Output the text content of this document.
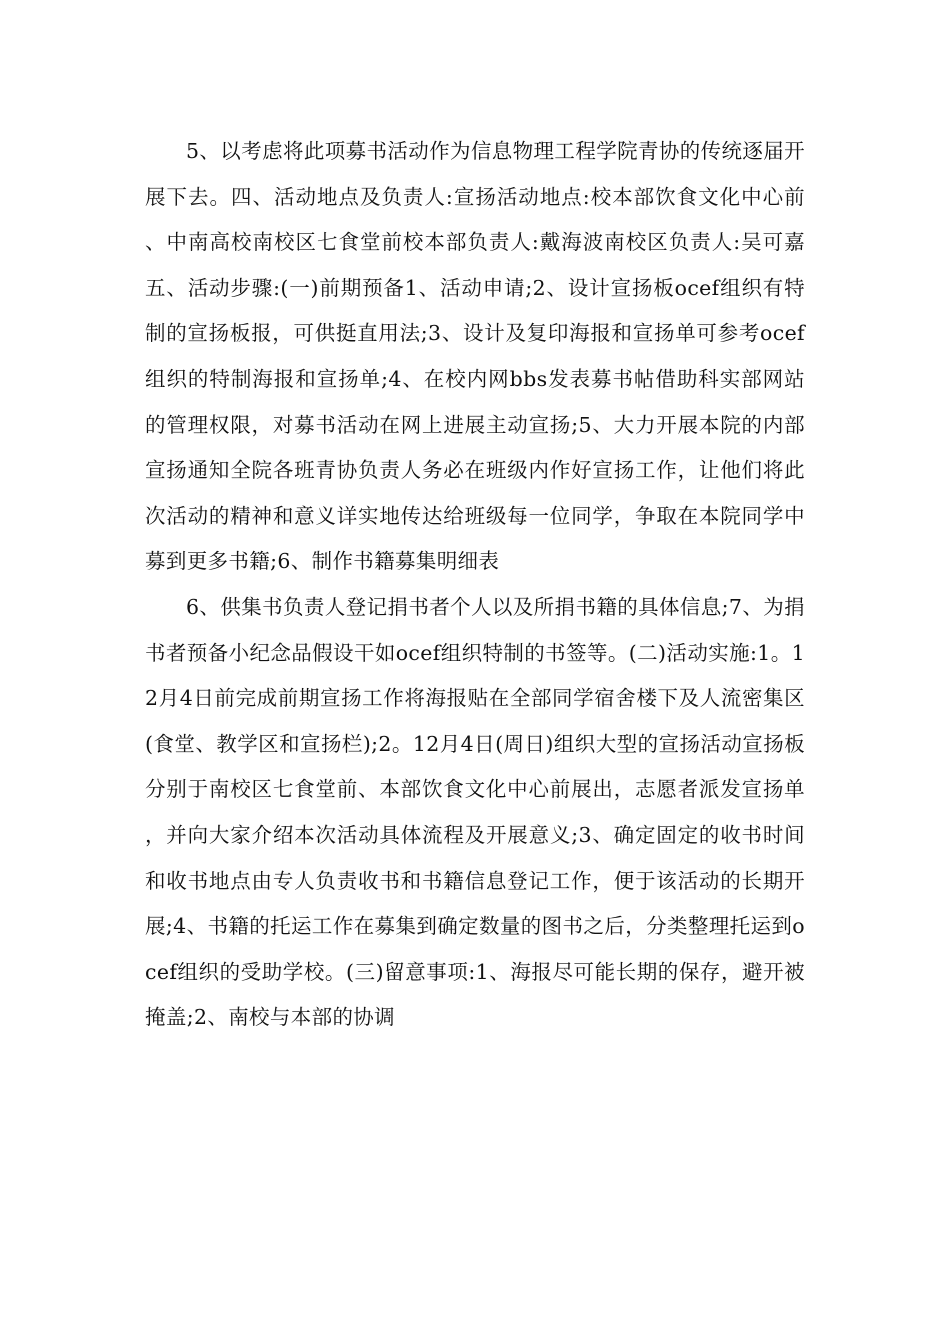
5、以考虑将此项募书活动作为信息物理工程学院青协的传统逐届开展下去。四、活动地点及负责人:宣扬活动地点:校本部饮食文化中心前、中南高校南校区七食堂前校本部负责人:戴海波南校区负责人:吴可嘉五、活动步骤:(一)前期预备1、活动申请;2、设计宣扬板ocef组织有特制的宣扬板报，可供挺直用法;3、设计及复印海报和宣扬单可参考ocef组织的特制海报和宣扬单;4、在校内网bbs发表募书帖借助科实部网站的管理权限，对募书活动在网上进展主动宣扬;5、大力开展本院的内部宣扬通知全院各班青协负责人务必在班级内作好宣扬工作，让他们将此次活动的精神和意义详实地传达给班级每一位同学，争取在本院同学中募到更多书籍;6、制作书籍募集明细表

6、供集书负责人登记捐书者个人以及所捐书籍的具体信息;7、为捐书者预备小纪念品假设干如ocef组织特制的书签等。(二)活动实施:1。12月4日前完成前期宣扬工作将海报贴在全部同学宿舍楼下及人流密集区(食堂、教学区和宣扬栏);2。12月4日(周日)组织大型的宣扬活动宣扬板分别于南校区七食堂前、本部饮食文化中心前展出，志愿者派发宣扬单，并向大家介绍本次活动具体流程及开展意义;3、确定固定的收书时间和收书地点由专人负责收书和书籍信息登记工作，便于该活动的长期开展;4、书籍的托运工作在募集到确定数量的图书之后，分类整理托运到ocef组织的受助学校。(三)留意事项:1、海报尽可能长期的保存，避开被掩盖;2、南校与本部的协调
